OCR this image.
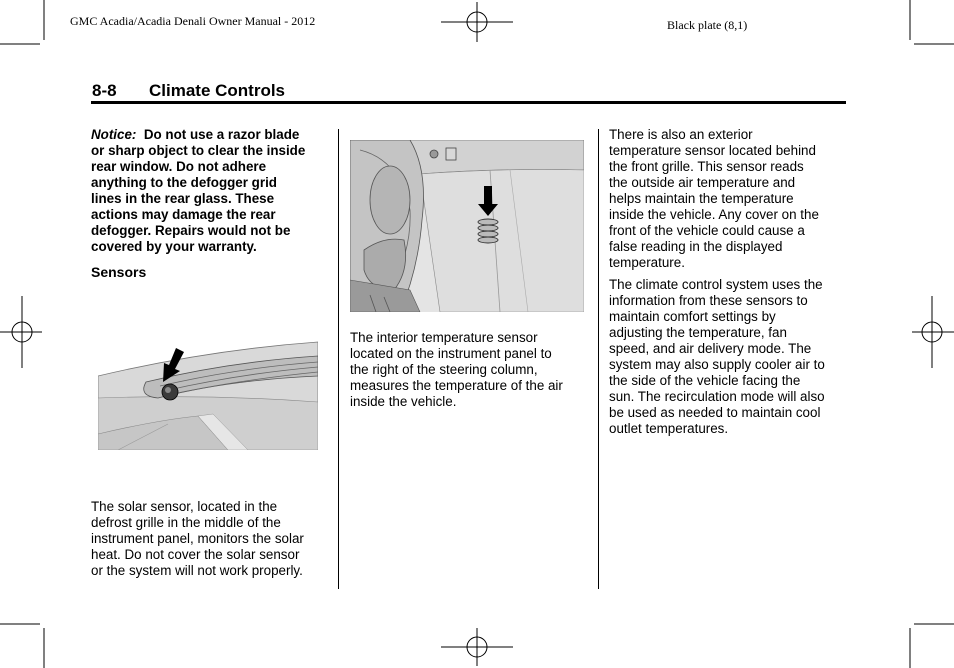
GMC Acadia/Acadia Denali Owner Manual - 2012	Black plate (8,1)
8-8 Climate Controls
Notice: Do not use a razor blade
or sharp object to clear the inside
rear window. Do not adhere
anything to the defogger grid
lines in the rear glass. These
actions may damage the rear
defogger. Repairs would not be
covered by your warranty.
Sensors
The solar sensor, located in the
defrost grille in the middle of the
instrument panel, monitors the solar
heat. Do not cover the solar sensor
or the system will not work properly.
The interior temperature sensor
located on the instrument panel to
the right of the steering column,
measures the temperature of the air
inside the vehicle.
There is also an exterior
temperature sensor located behind
the front grille. This sensor reads
the outside air temperature and
helps maintain the temperature
inside the vehicle. Any cover on the
front of the vehicle could cause a
false reading in the displayed
temperature.
The climate control system uses the
information from these sensors to
maintain comfort settings by
adjusting the temperature, fan
speed, and air delivery mode. The
system may also supply cooler air to
the side of the vehicle facing the
sun. The recirculation mode will also
be used as needed to maintain cool
outlet temperatures.
